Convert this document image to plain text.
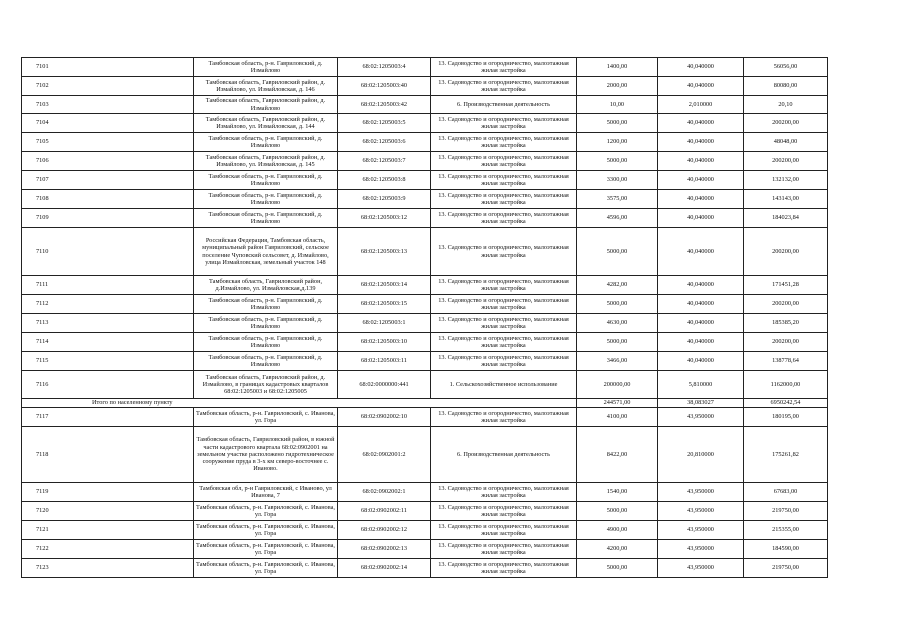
7101	Тамбовская область, р-н. Гавриловский, д. Измайлово	68:02:1205003:4	13. Садоводство и огородничество, малоэтажная жилая застройка	1400,00	40,040000	56056,00
7102	Тамбовская область, Гавриловский район, д. Измайлово, ул. Измайловская, д. 146	68:02:1205003:40	13. Садоводство и огородничество, малоэтажная жилая застройка	2000,00	40,040000	80080,00
7103	Тамбовская область, Гавриловский район, д. Измайлово	68:02:1205003:42	6. Производственная деятельность	10,00	2,010000	20,10
7104	Тамбовская область, Гавриловский район, д. Измайлово, ул. Измайловская, д. 144	68:02:1205003:5	13. Садоводство и огородничество, малоэтажная жилая застройка	5000,00	40,040000	200200,00
7105	Тамбовская область, р-н. Гавриловский, д. Измайлово	68:02:1205003:6	13. Садоводство и огородничество, малоэтажная жилая застройка	1200,00	40,040000	48048,00
7106	Тамбовская область, Гавриловский район, д. Измайлово, ул. Измайловская, д. 145	68:02:1205003:7	13. Садоводство и огородничество, малоэтажная жилая застройка	5000,00	40,040000	200200,00
7107	Тамбовская область, р-н. Гавриловский, д. Измайлово	68:02:1205003:8	13. Садоводство и огородничество, малоэтажная жилая застройка	3300,00	40,040000	132132,00
7108	Тамбовская область, р-н. Гавриловский, д. Измайлово	68:02:1205003:9	13. Садоводство и огородничество, малоэтажная жилая застройка	3575,00	40,040000	143143,00
7109	Тамбовская область, р-н. Гавриловский, д. Измайлово	68:02:1205003:12	13. Садоводство и огородничество, малоэтажная жилая застройка	4596,00	40,040000	184023,84
7110	Российская Федерация, Тамбовская область, муниципальный район Гавриловский, сельское поселение Чуповский сельсовет, д. Измайлово, улица Измайловская, земельный участок 148	68:02:1205003:13	13. Садоводство и огородничество, малоэтажная жилая застройка	5000,00	40,040000	200200,00
7111	Тамбовская область, Гавриловский район, д.Измайлово, ул. Измайловская,д.139	68:02:1205003:14	13. Садоводство и огородничество, малоэтажная жилая застройка	4282,00	40,040000	171451,28
7112	Тамбовская область, р-н. Гавриловский, д. Измайлово	68:02:1205003:15	13. Садоводство и огородничество, малоэтажная жилая застройка	5000,00	40,040000	200200,00
7113	Тамбовская область, р-н. Гавриловский, д. Измайлово	68:02:1205003:1	13. Садоводство и огородничество, малоэтажная жилая застройка	4630,00	40,040000	185385,20
7114	Тамбовская область, р-н. Гавриловский, д. Измайлово	68:02:1205003:10	13. Садоводство и огородничество, малоэтажная жилая застройка	5000,00	40,040000	200200,00
7115	Тамбовская область, р-н. Гавриловский, д. Измайлово	68:02:1205003:11	13. Садоводство и огородничество, малоэтажная жилая застройка	3466,00	40,040000	138778,64
7116	Тамбовская область, Гавриловский район, д. Измайлово, в границах кадастровых кварталов 68:02:1205003 и 68:02:1205005	68:02:0000000:441	1. Сельскохозяйственное использование	200000,00	5,810000	1162000,00
Итого по населенному пункту				244571,00	38,083027	6950242,54
7117	Тамбовская область, р-н. Гавриловский, с. Иванова, ул. Гора	68:02:0902002:10	13. Садоводство и огородничество, малоэтажная жилая застройка	4100,00	43,950000	180195,00
7118	Тамбовская область, Гавриловский район, в южной части кадастрового квартала 68:02:0902001 на земельном участке расположено гидротехническое сооружение пруда в 3-х км северо-восточнее с. Иваново.	68:02:0902001:2	6. Производственная деятельность	8422,00	20,810000	175261,82
7119	Тамбовская обл, р-н Гавриловский, с Иваново, ул Иванова, 7	68:02:0902002:1	13. Садоводство и огородничество, малоэтажная жилая застройка	1540,00	43,950000	67683,00
7120	Тамбовская область, р-н. Гавриловский, с. Иванова, ул. Гора	68:02:0902002:11	13. Садоводство и огородничество, малоэтажная жилая застройка	5000,00	43,950000	219750,00
7121	Тамбовская область, р-н. Гавриловский, с. Иванова, ул. Гора	68:02:0902002:12	13. Садоводство и огородничество, малоэтажная жилая застройка	4900,00	43,950000	215355,00
7122	Тамбовская область, р-н. Гавриловский, с. Иванова, ул. Гора	68:02:0902002:13	13. Садоводство и огородничество, малоэтажная жилая застройка	4200,00	43,950000	184590,00
7123	Тамбовская область, р-н. Гавриловский, с. Иванова, ул. Гора	68:02:0902002:14	13. Садоводство и огородничество, малоэтажная жилая застройка	5000,00	43,950000	219750,00
